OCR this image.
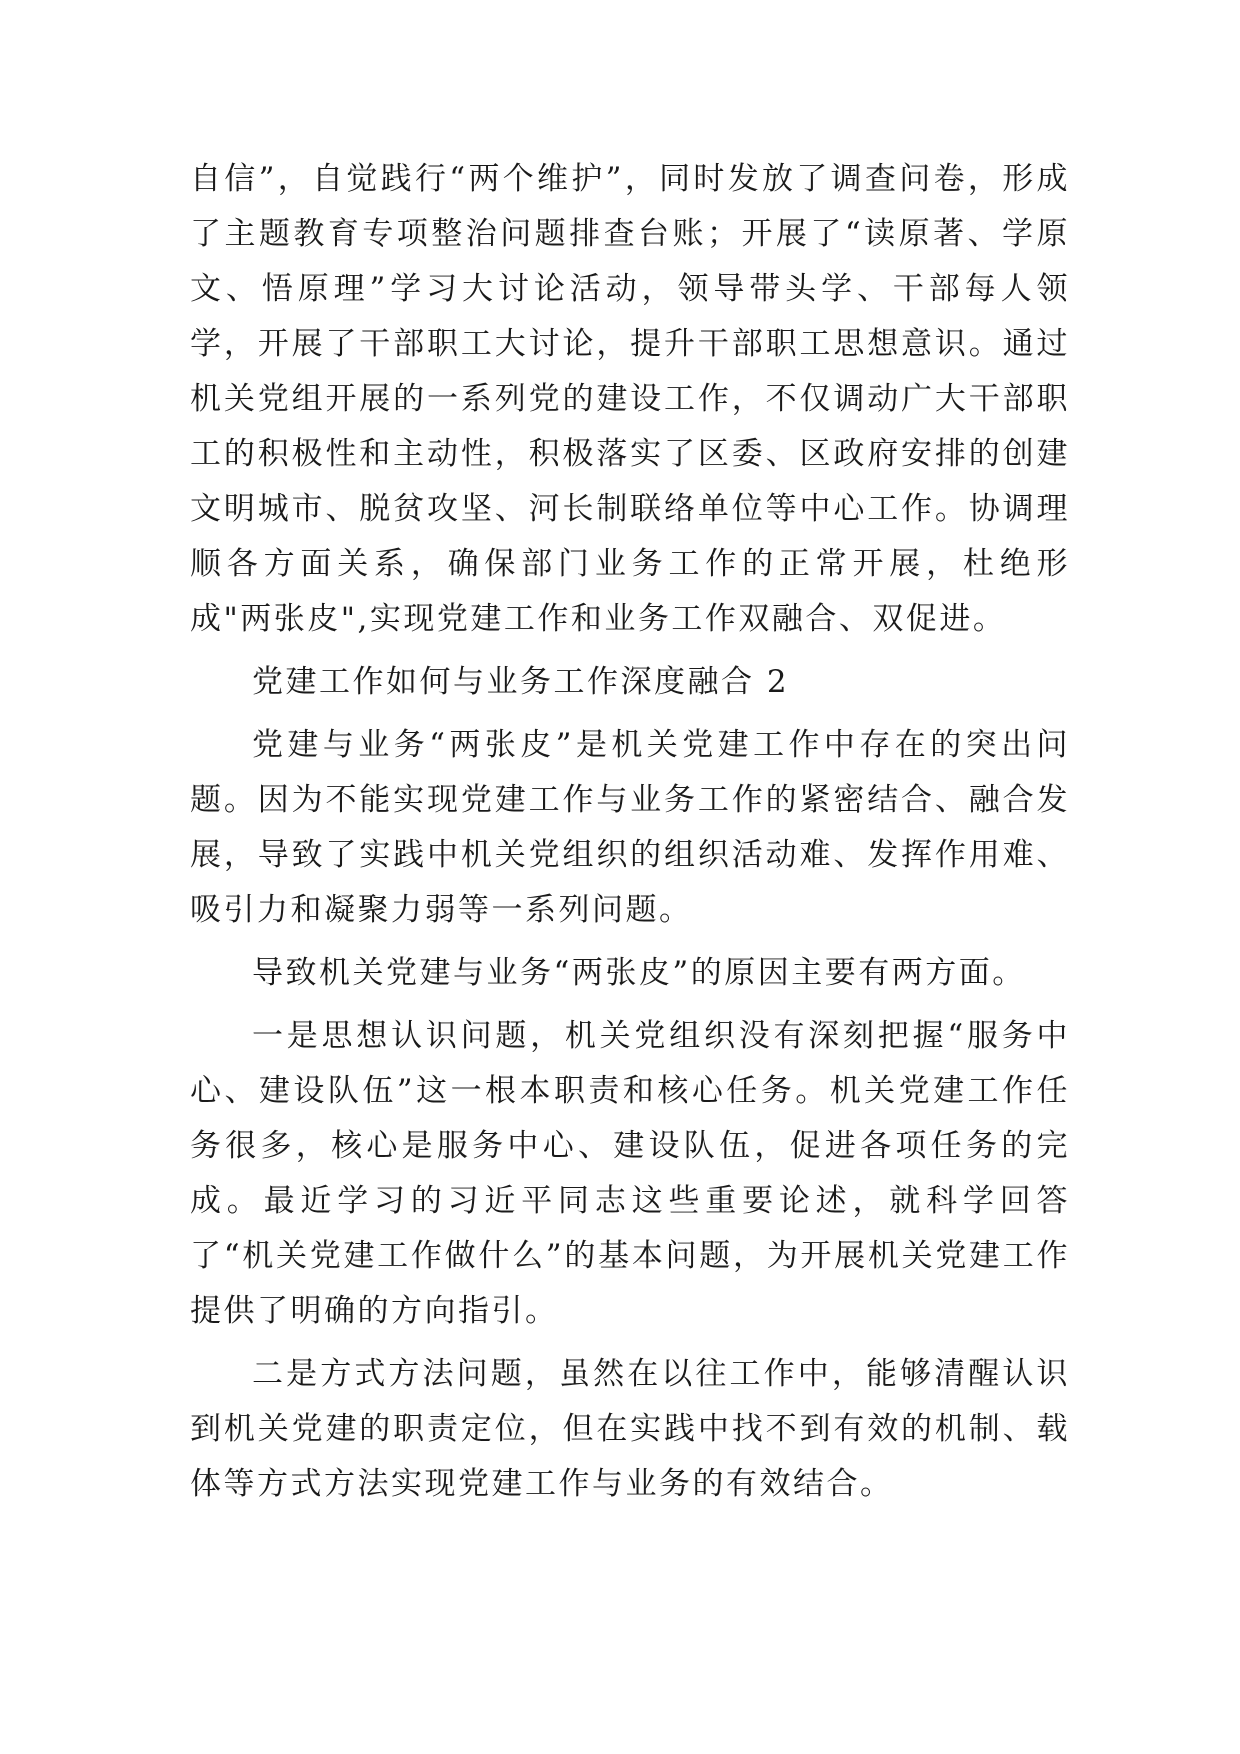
自信”，自觉践行“两个维护”，同时发放了调查问卷，形成了主题教育专项整治问题排查台账；开展了“读原著、学原文、悟原理”学习大讨论活动，领导带头学、干部每人领学，开展了干部职工大讨论，提升干部职工思想意识。通过机关党组开展的一系列党的建设工作，不仅调动广大干部职工的积极性和主动性，积极落实了区委、区政府安排的创建文明城市、脱贫攻坚、河长制联络单位等中心工作。协调理顺各方面关系，确保部门业务工作的正常开展，杜绝形成"两张皮",实现党建工作和业务工作双融合、双促进。

党建工作如何与业务工作深度融合 2

党建与业务“两张皮”是机关党建工作中存在的突出问题。因为不能实现党建工作与业务工作的紧密结合、融合发展，导致了实践中机关党组织的组织活动难、发挥作用难、吸引力和凝聚力弱等一系列问题。

导致机关党建与业务“两张皮”的原因主要有两方面。

一是思想认识问题，机关党组织没有深刻把握“服务中心、建设队伍”这一根本职责和核心任务。机关党建工作任务很多，核心是服务中心、建设队伍，促进各项任务的完成。最近学习的习近平同志这些重要论述，就科学回答了“机关党建工作做什么”的基本问题，为开展机关党建工作提供了明确的方向指引。

二是方式方法问题，虽然在以往工作中，能够清醒认识到机关党建的职责定位，但在实践中找不到有效的机制、载体等方式方法实现党建工作与业务的有效结合。
